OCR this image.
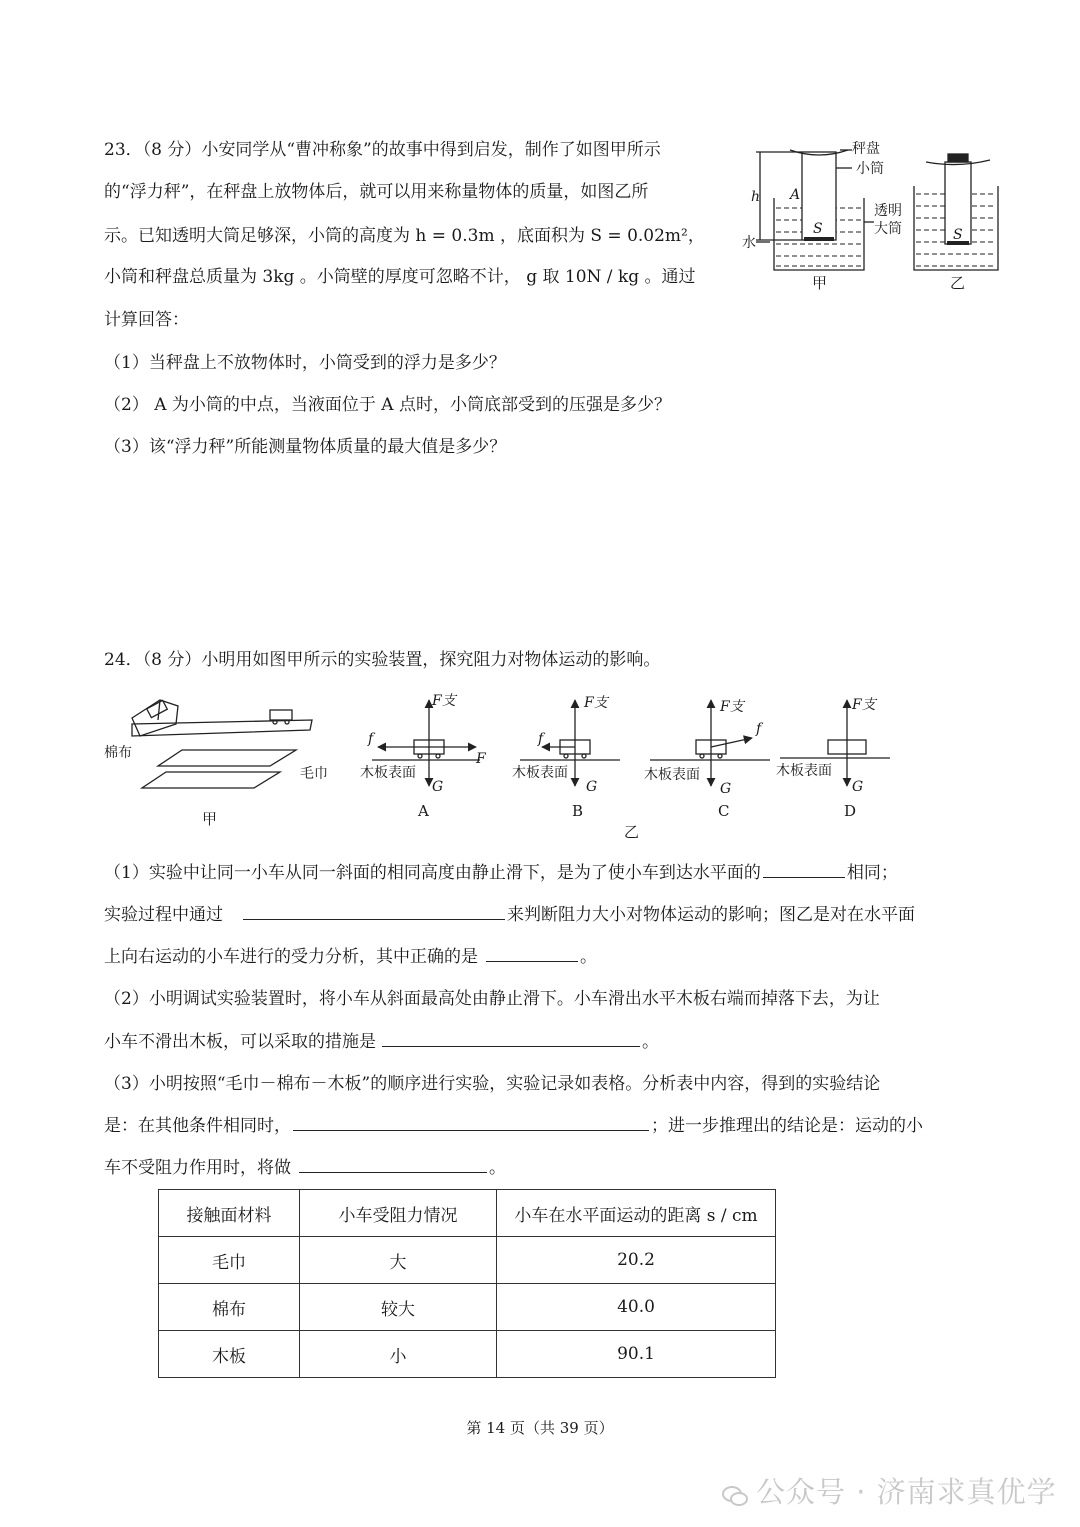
23．（8 分）小安同学从“曹冲称象”的故事中得到启发，制作了如图甲所示
的“浮力秤”，在秤盘上放物体后，就可以用来称量物体的质量，如图乙所
示。已知透明大筒足够深，小筒的高度为 h = 0.3m ，底面积为 S = 0.02m²，
小筒和秤盘总质量为 3kg 。小筒壁的厚度可忽略不计， g 取 10N / kg 。通过
计算回答：
（1）当秤盘上不放物体时，小筒受到的浮力是多少？
（2） A 为小筒的中点，当液面位于 A 点时，小筒底部受到的压强是多少？
（3）该“浮力秤”所能测量物体质量的最大值是多少？
秤盘
小筒
透明
大筒
水
h A
S	S
甲	乙
24．（8 分）小明用如图甲所示的实验装置，探究阻力对物体运动的影响。
棉布
毛巾
甲
F支	F支	F支	F支
f	f
f
F
木板表面	木板表面	木板表面	木板表面
G	G	G	G
A	B	C	D
乙
（1）实验中让同一小车从同一斜面的相同高度由静止滑下，是为了使小车到达水平面的	相同；
实验过程中通过	来判断阻力大小对物体运动的影响；图乙是对在水平面
上向右运动的小车进行的受力分析，其中正确的是	。
（2）小明调试实验装置时，将小车从斜面最高处由静止滑下。小车滑出水平木板右端而掉落下去，为让
小车不滑出木板，可以采取的措施是	。
（3）小明按照“毛巾－棉布－木板”的顺序进行实验，实验记录如表格。分析表中内容，得到的实验结论
是：在其他条件相同时，	；进一步推理出的结论是：运动的小
车不受阻力作用时，将做	。
接触面材料	小车受阻力情况	小车在水平面运动的距离 s / cm
毛巾	大	20.2
棉布	较大	40.0
木板	小	90.1
第 14 页（共 39 页）
公众号 · 济南求真优学
